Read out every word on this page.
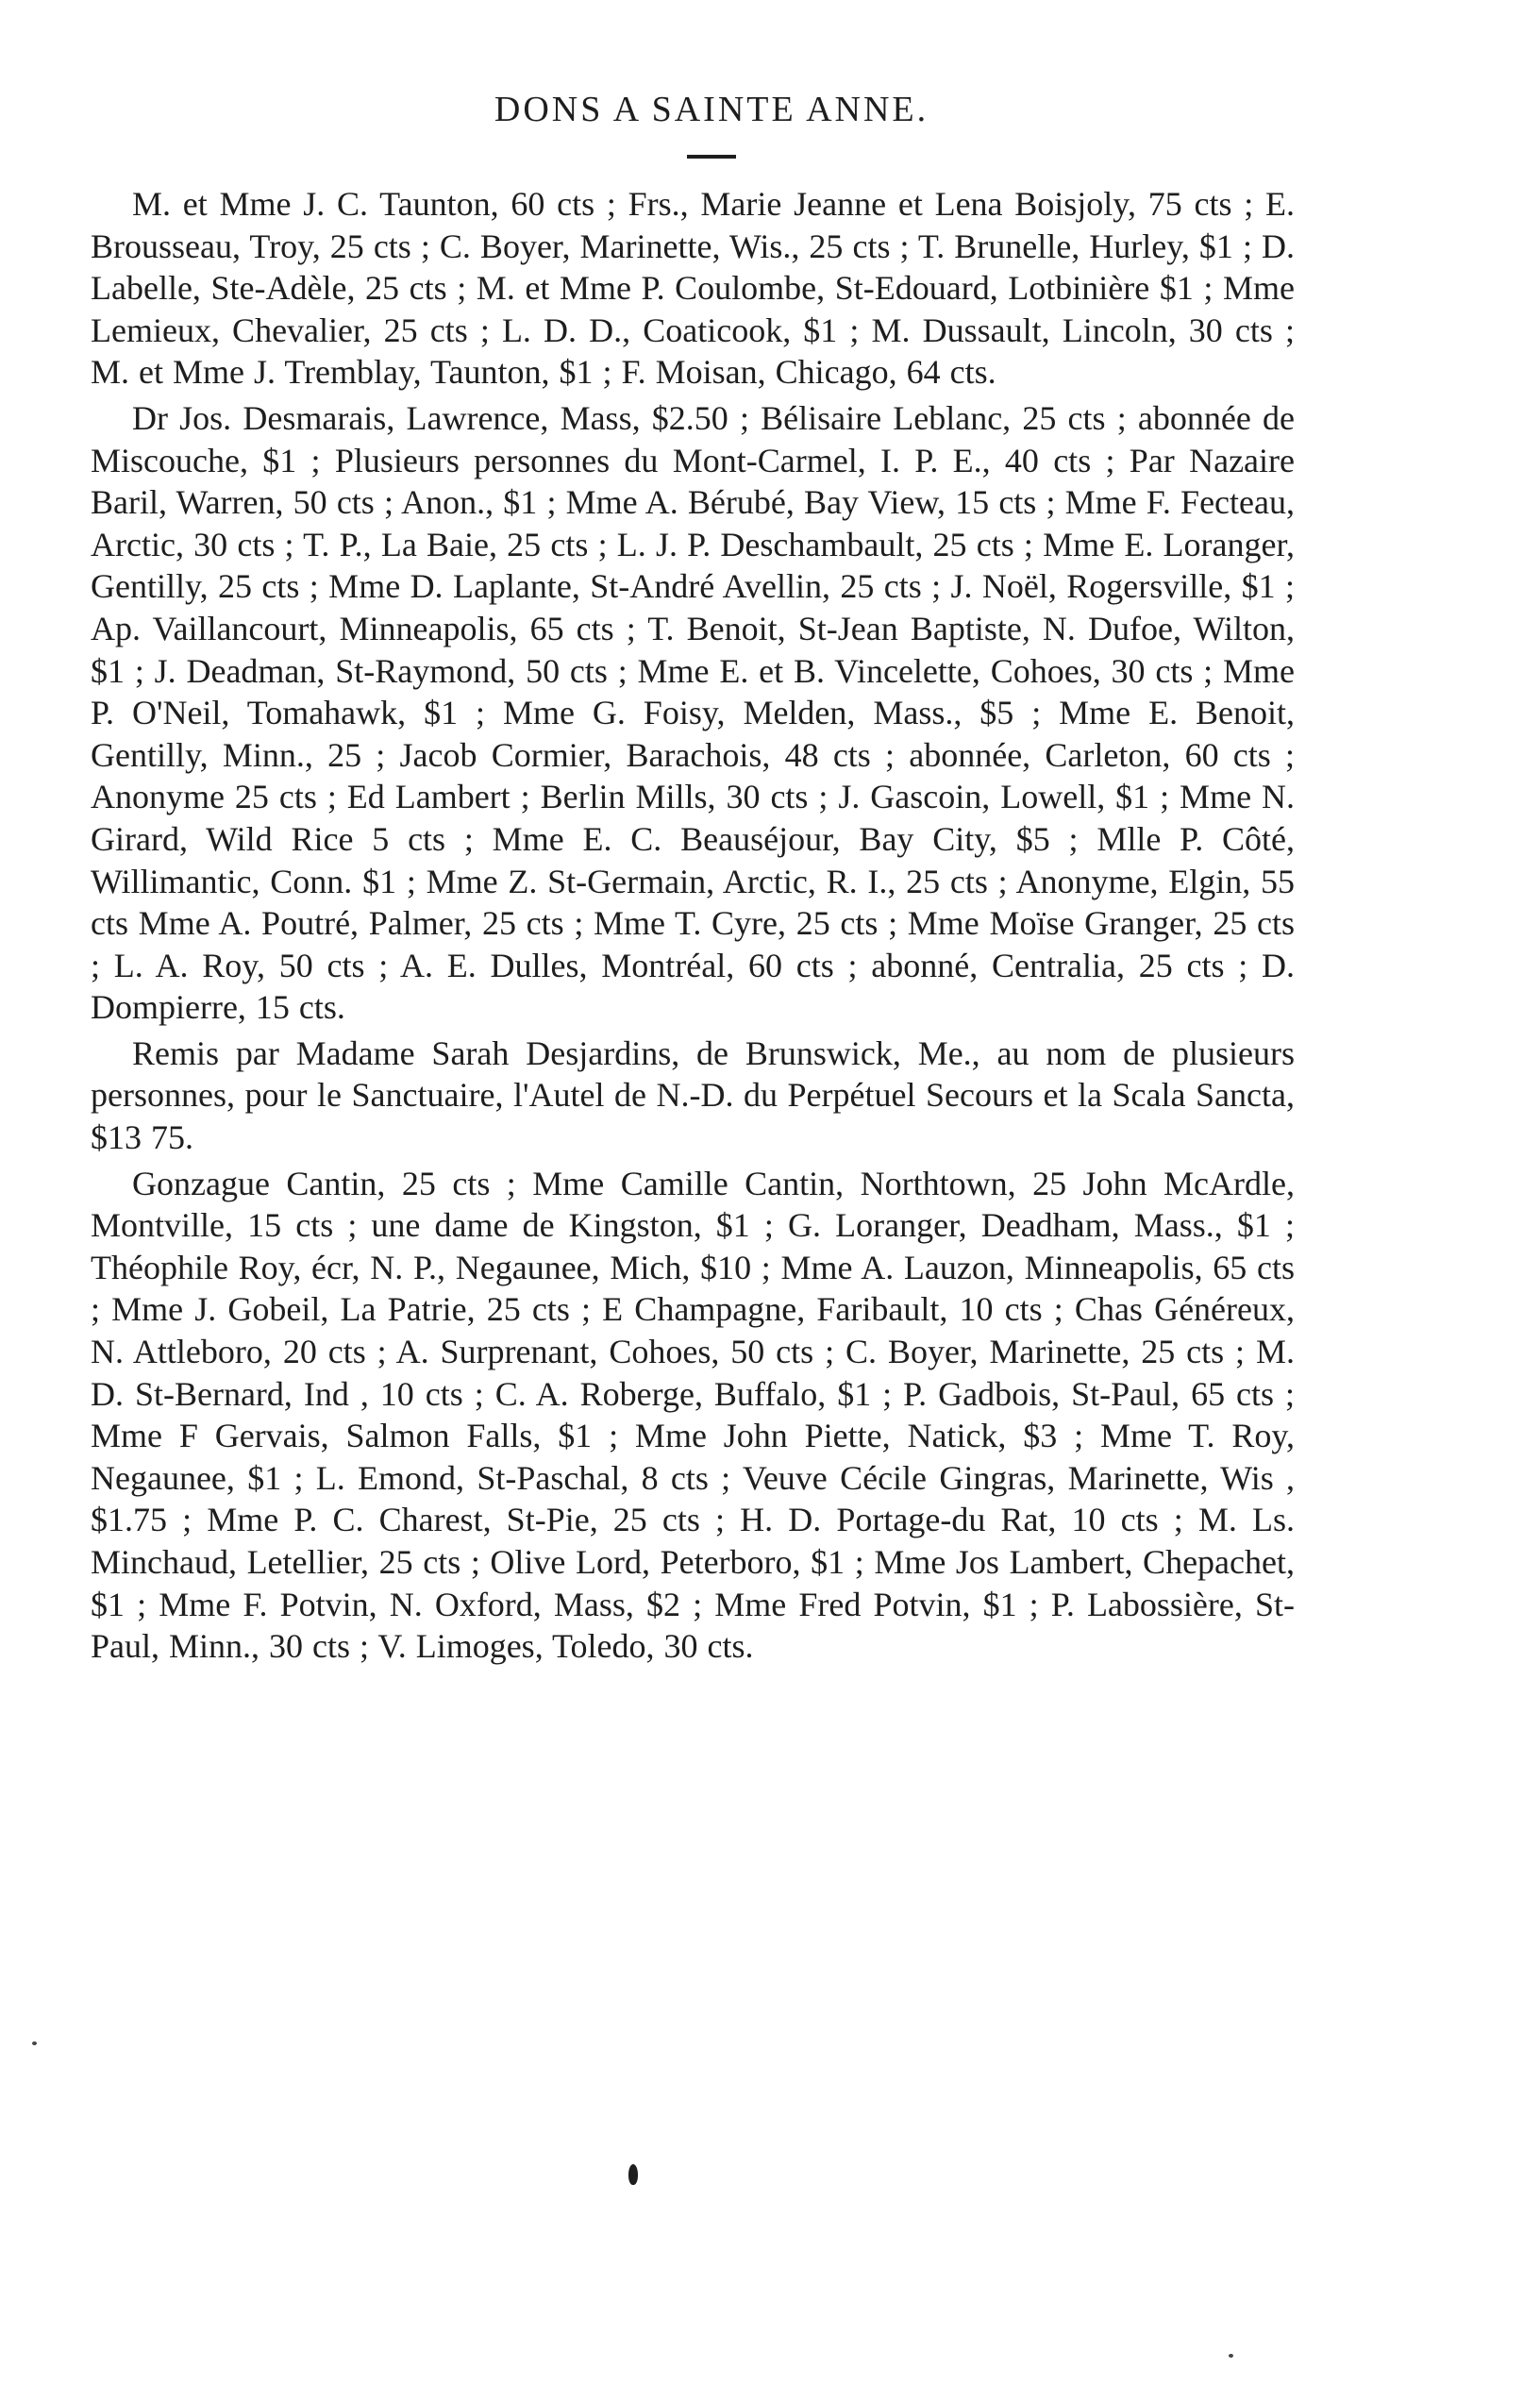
DONS A SAINTE ANNE.

M. et Mme J. C. Taunton, 60 cts ; Frs., Marie Jeanne et Lena Boisjoly, 75 cts ; E. Brousseau, Troy, 25 cts ; C. Boyer, Marinette, Wis., 25 cts ; T. Brunelle, Hurley, $1 ; D. Labelle, Ste-Adèle, 25 cts ; M. et Mme P. Coulombe, St-Edouard, Lotbinière $1 ; Mme Lemieux, Chevalier, 25 cts ; L. D. D., Coaticook, $1 ; M. Dussault, Lincoln, 30 cts ; M. et Mme J. Tremblay, Taunton, $1 ; F. Moisan, Chicago, 64 cts.

Dr Jos. Desmarais, Lawrence, Mass, $2.50 ; Bélisaire Leblanc, 25 cts ; abonnée de Miscouche, $1 ; Plusieurs personnes du Mont-Carmel, I. P. E., 40 cts ; Par Nazaire Baril, Warren, 50 cts ; Anon., $1 ; Mme A. Bérubé, Bay View, 15 cts ; Mme F. Fecteau, Arctic, 30 cts ; T. P., La Baie, 25 cts ; L. J. P. Deschambault, 25 cts ; Mme E. Loranger, Gentilly, 25 cts ; Mme D. Laplante, St-André Avellin, 25 cts ; J. Noël, Rogersville, $1 ; Ap. Vaillancourt, Minneapolis, 65 cts ; T. Benoit, St-Jean Baptiste, N. Dufoe, Wilton, $1 ; J. Deadman, St-Raymond, 50 cts ; Mme E. et B. Vincelette, Cohoes, 30 cts ; Mme P. O'Neil, Tomahawk, $1 ; Mme G. Foisy, Melden, Mass., $5 ; Mme E. Benoit, Gentilly, Minn., 25 ; Jacob Cormier, Barachois, 48 cts ; abonnée, Carleton, 60 cts ; Anonyme 25 cts ; Ed Lambert ; Berlin Mills, 30 cts ; J. Gascoin, Lowell, $1 ; Mme N. Girard, Wild Rice 5 cts ; Mme E. C. Beauséjour, Bay City, $5 ; Mlle P. Côté, Willimantic, Conn. $1 ; Mme Z. St-Germain, Arctic, R. I., 25 cts ; Anonyme, Elgin, 55 cts Mme A. Poutré, Palmer, 25 cts ; Mme T. Cyre, 25 cts ; Mme Moïse Granger, 25 cts ; L. A. Roy, 50 cts ; A. E. Dulles, Montréal, 60 cts ; abonné, Centralia, 25 cts ; D. Dompierre, 15 cts.

Remis par Madame Sarah Desjardins, de Brunswick, Me., au nom de plusieurs personnes, pour le Sanctuaire, l'Autel de N.-D. du Perpétuel Secours et la Scala Sancta, $13 75.

Gonzague Cantin, 25 cts ; Mme Camille Cantin, Northtown, 25 John McArdle, Montville, 15 cts ; une dame de Kingston, $1 ; G. Loranger, Deadham, Mass., $1 ; Théophile Roy, écr, N. P., Negaunee, Mich, $10 ; Mme A. Lauzon, Minneapolis, 65 cts ; Mme J. Gobeil, La Patrie, 25 cts ; E Champagne, Faribault, 10 cts ; Chas Généreux, N. Attleboro, 20 cts ; A. Surprenant, Cohoes, 50 cts ; C. Boyer, Marinette, 25 cts ; M. D. St-Bernard, Ind , 10 cts ; C. A. Roberge, Buffalo, $1 ; P. Gadbois, St-Paul, 65 cts ; Mme F Gervais, Salmon Falls, $1 ; Mme John Piette, Natick, $3 ; Mme T. Roy, Negaunee, $1 ; L. Emond, St-Paschal, 8 cts ; Veuve Cécile Gingras, Marinette, Wis , $1.75 ; Mme P. C. Charest, St-Pie, 25 cts ; H. D. Portage-du Rat, 10 cts ; M. Ls. Minchaud, Letellier, 25 cts ; Olive Lord, Peterboro, $1 ; Mme Jos Lambert, Chepachet, $1 ; Mme F. Potvin, N. Oxford, Mass, $2 ; Mme Fred Potvin, $1 ; P. Labossière, St-Paul, Minn., 30 cts ; V. Limoges, Toledo, 30 cts.
